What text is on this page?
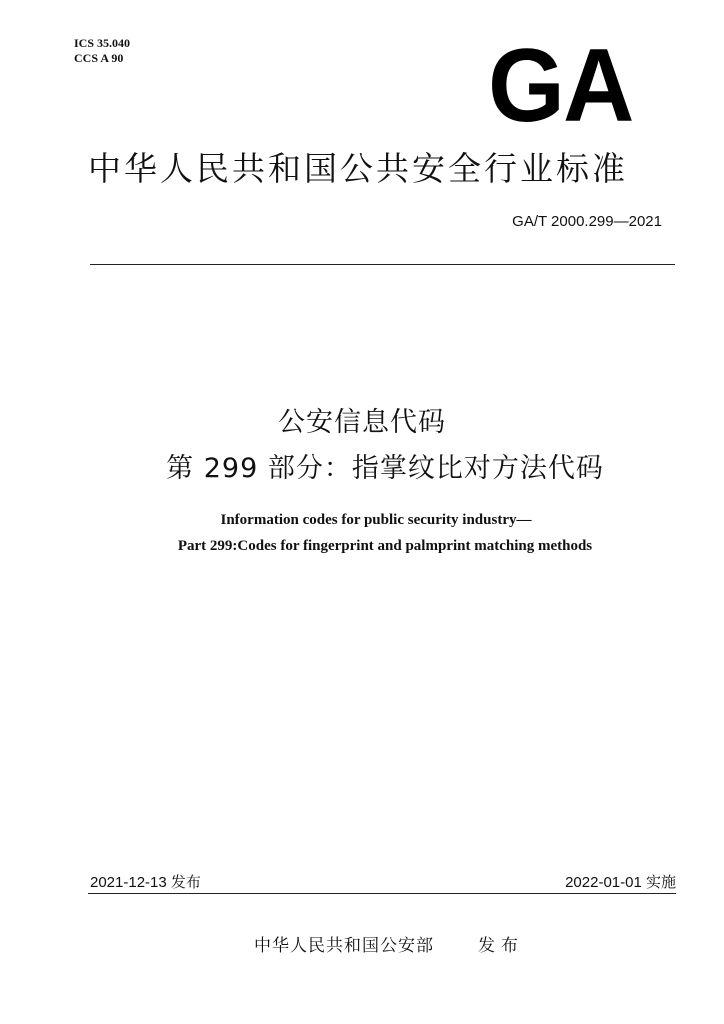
ICS 35.040
CCS A 90	GA
中华人民共和国公共安全行业标准
GA/T 2000.299—2021
公安信息代码
第 299 部分：指掌纹比对方法代码
Information codes for public security industry—
Part 299:Codes for fingerprint and palmprint matching methods
2021-12-13 发布	2022-01-01 实施
中华人民共和国公安部	发布
